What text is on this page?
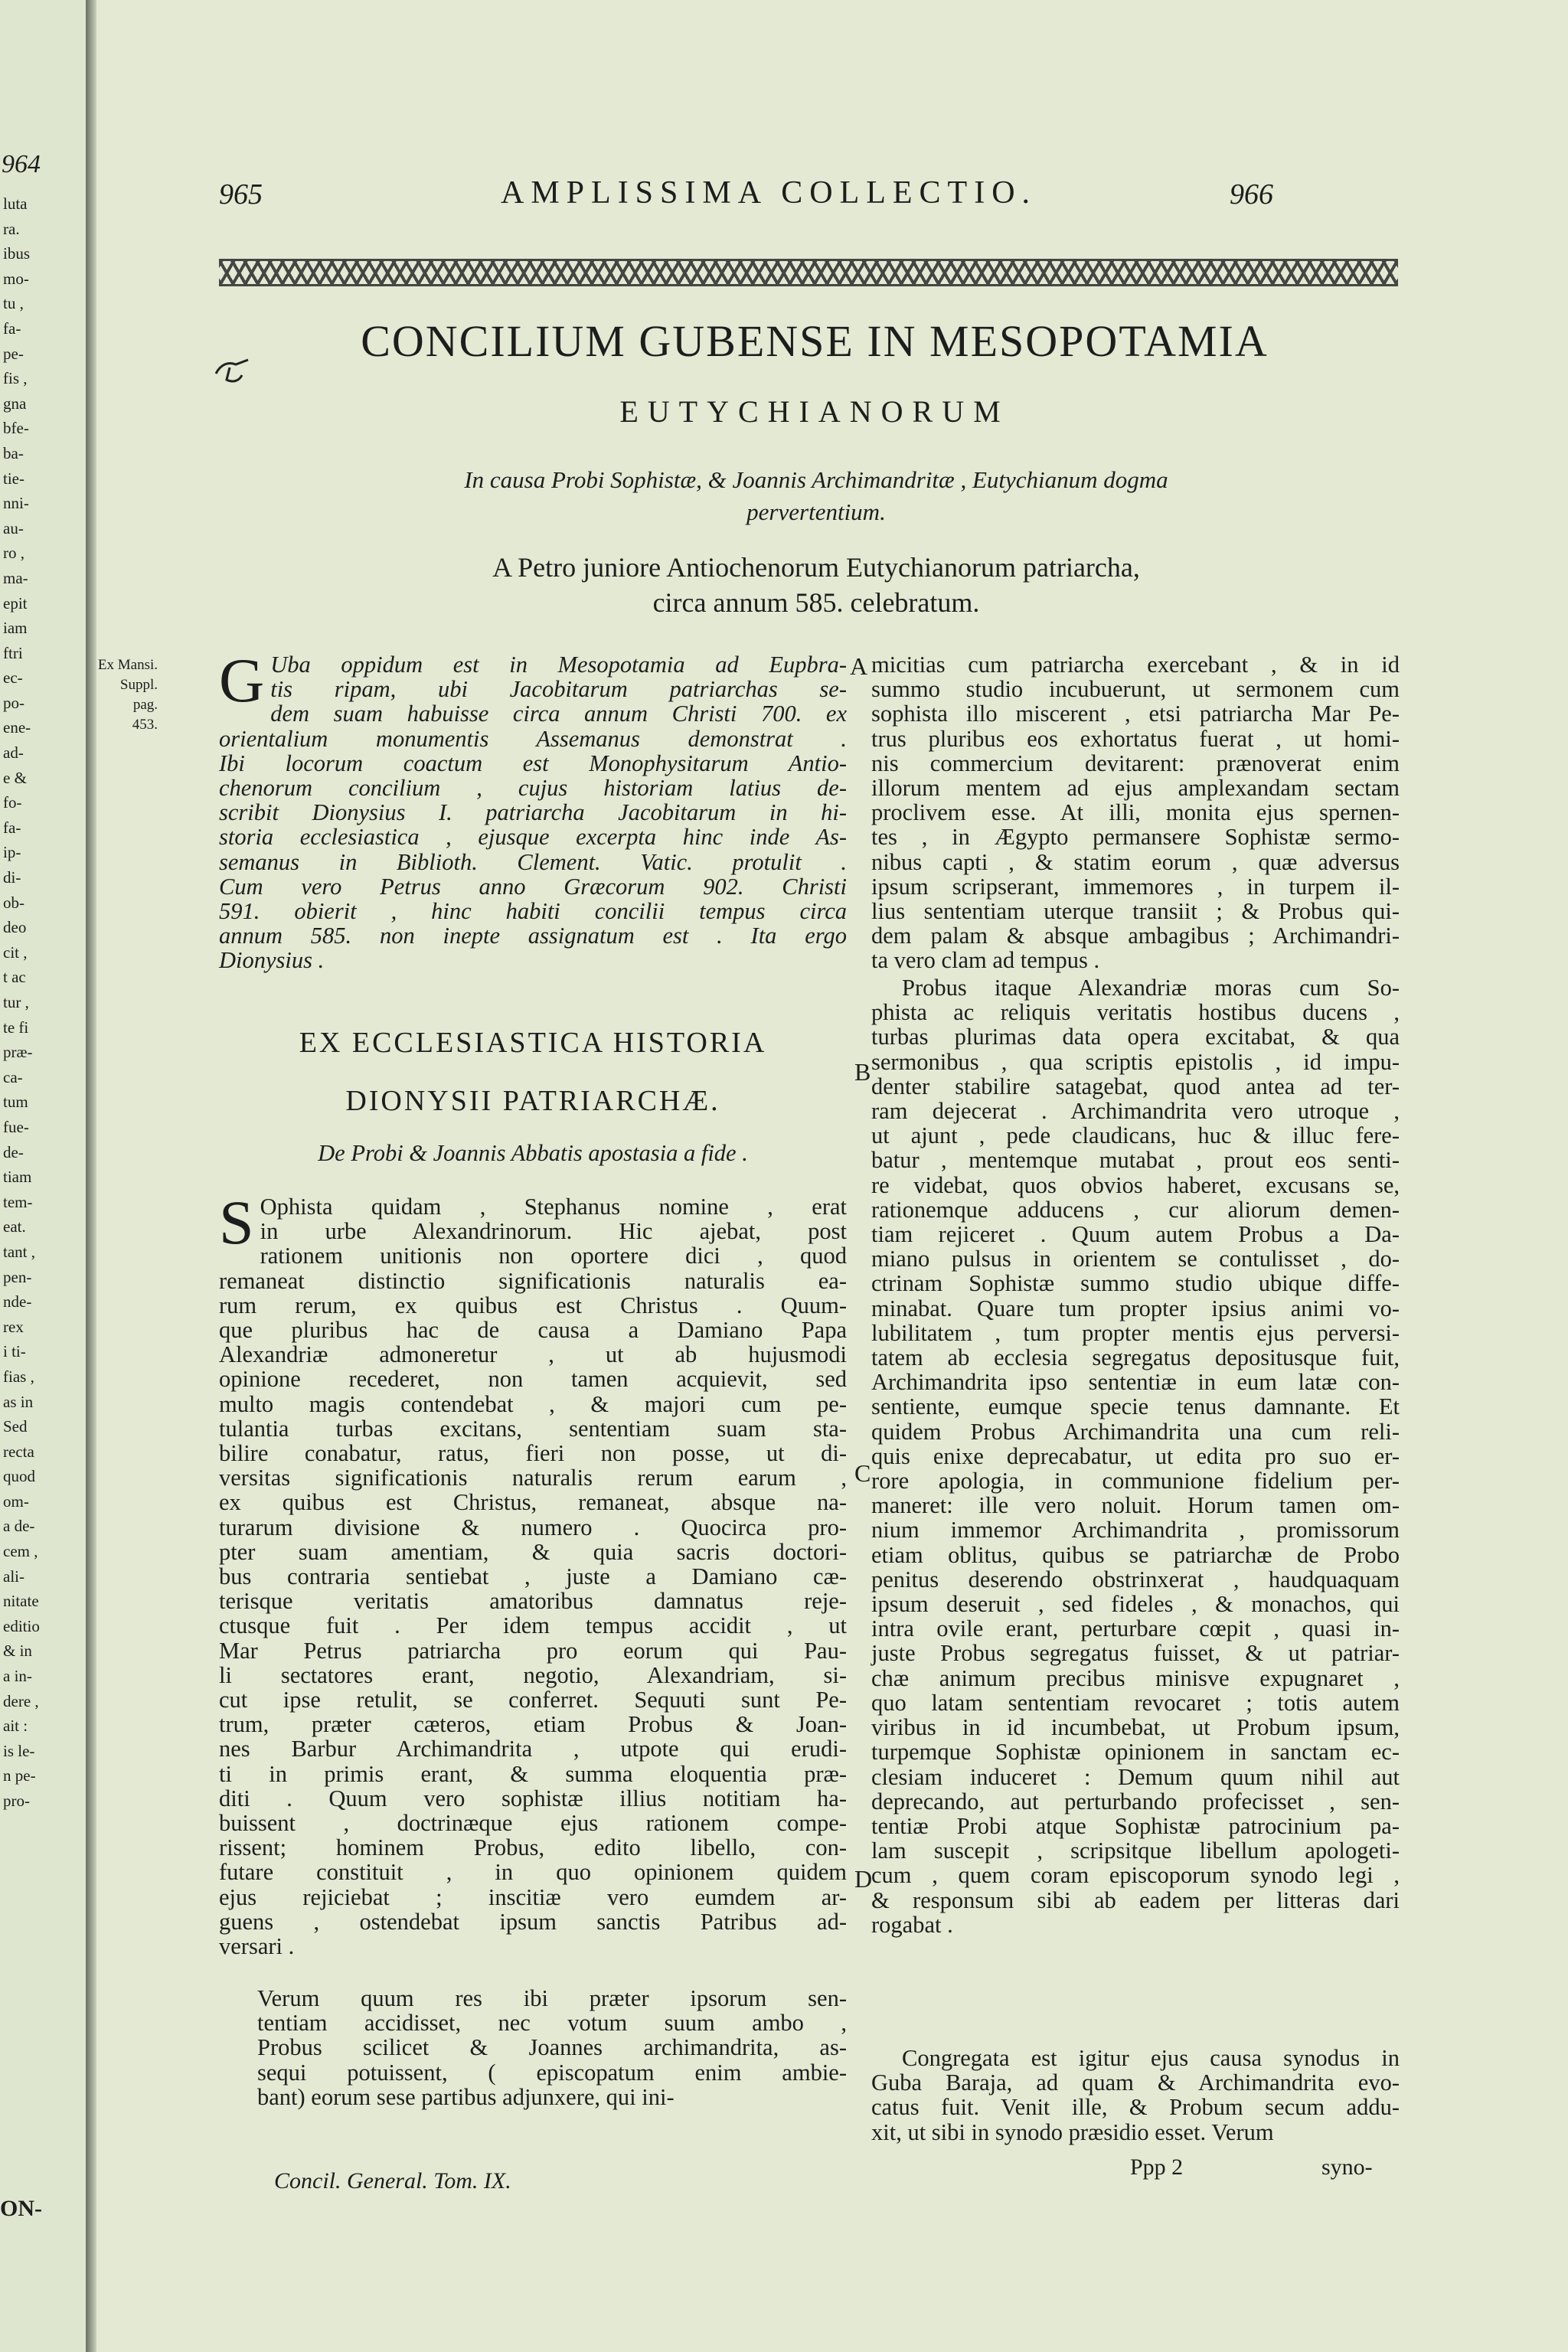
964
luta
ra.
ibus
mo-
tu ,
fa-
pe-
fis ,
gna
bfe-
ba-
tie-
nni-
au-
ro ,
ma-
epit
iam
ftri
ec-
po-
ene-
ad-
e &
fo-
fa-
ip-
di-
ob-
deo
cit ,
t ac
tur ,
te fi
præ-
ca-
tum
fue-
de-
tiam
tem-
eat.
tant ,
pen-
nde-
rex
i ti-
fias ,
as in
Sed
recta
quod
om-
a de-
cem ,
ali-
nitate
editio
& in
a in-
dere ,
ait :
is le-
n pe-
pro-
ON-
965	AMPLISSIMA COLLECTIO.	966
CONCILIUM GUBENSE IN MESOPOTAMIA
EUTYCHIANORUM
In causa Probi Sophistæ, & Joannis Archimandritæ , Eutychianum dogma
pervertentium.
A Petro juniore Antiochenorum Eutychianorum patriarcha,
circa annum 585. celebratum.
Ex Mansi.
Suppl. pag.
453.
G Uba oppidum est in Mesopotamia ad Eupbra-
tis ripam, ubi Jacobitarum patriarchas se-
dem suam habuisse circa annum Christi 700. ex
orientalium monumentis Assemanus demonstrat .
Ibi locorum coactum est Monophysitarum Antio-
chenorum concilium , cujus historiam latius de-
scribit Dionysius I. patriarcha Jacobitarum in hi-
storia ecclesiastica , ejusque excerpta hinc inde As-
semanus in Biblioth. Clement. Vatic. protulit .
Cum vero Petrus anno Græcorum 902. Christi
591. obierit , hinc habiti concilii tempus circa
annum 585. non inepte assignatum est . Ita ergo
Dionysius .
EX ECCLESIASTICA HISTORIA
DIONYSII PATRIARCHÆ.
De Probi & Joannis Abbatis apostasia a fide .
S Ophista quidam , Stephanus nomine , erat
in urbe Alexandrinorum. Hic ajebat, post
rationem unitionis non oportere dici , quod
remaneat distinctio significationis naturalis ea-
rum rerum, ex quibus est Christus . Quum-
que pluribus hac de causa a Damiano Papa
Alexandriæ admoneretur , ut ab hujusmodi
opinione recederet, non tamen acquievit, sed
multo magis contendebat , & majori cum pe-
tulantia turbas excitans, sententiam suam sta-
bilire conabatur, ratus, fieri non posse, ut di-
versitas significationis naturalis rerum earum ,
ex quibus est Christus, remaneat, absque na-
turarum divisione & numero . Quocirca pro-
pter suam amentiam, & quia sacris doctori-
bus contraria sentiebat , juste a Damiano cæ-
terisque veritatis amatoribus damnatus reje-
ctusque fuit . Per idem tempus accidit , ut
Mar Petrus patriarcha pro eorum qui Pau-
li sectatores erant, negotio, Alexandriam, si-
cut ipse retulit, se conferret. Sequuti sunt Pe-
trum, præter cæteros, etiam Probus & Joan-
nes Barbur Archimandrita , utpote qui erudi-
ti in primis erant, & summa eloquentia præ-
diti . Quum vero sophistæ illius notitiam ha-
buissent , doctrinæque ejus rationem compe-
rissent; hominem Probus, edito libello, con-
futare constituit , in quo opinionem quidem
ejus rejiciebat ; inscitiæ vero eumdem ar-
guens , ostendebat ipsum sanctis Patribus ad-
versari .
Verum quum res ibi præter ipsorum sen-
tentiam accidisset, nec votum suum ambo ,
Probus scilicet & Joannes archimandrita, as-
sequi potuissent, ( episcopatum enim ambie-
bant) eorum sese partibus adjunxere, qui ini-
Concil. General. Tom. IX.
A
B
C
D
micitias cum patriarcha exercebant , & in id
summo studio incubuerunt, ut sermonem cum
sophista illo miscerent , etsi patriarcha Mar Pe-
trus pluribus eos exhortatus fuerat , ut homi-
nis commercium devitarent: prænoverat enim
illorum mentem ad ejus amplexandam sectam
proclivem esse. At illi, monita ejus spernen-
tes , in Ægypto permansere Sophistæ sermo-
nibus capti , & statim eorum , quæ adversus
ipsum scripserant, immemores , in turpem il-
lius sententiam uterque transiit ; & Probus qui-
dem palam & absque ambagibus ; Archimandri-
ta vero clam ad tempus .
Probus itaque Alexandriæ moras cum So-
phista ac reliquis veritatis hostibus ducens ,
turbas plurimas data opera excitabat, & qua
sermonibus , qua scriptis epistolis , id impu-
denter stabilire satagebat, quod antea ad ter-
ram dejecerat . Archimandrita vero utroque ,
ut ajunt , pede claudicans, huc & illuc fere-
batur , mentemque mutabat , prout eos senti-
re videbat, quos obvios haberet, excusans se,
rationemque adducens , cur aliorum demen-
tiam rejiceret . Quum autem Probus a Da-
miano pulsus in orientem se contulisset , do-
ctrinam Sophistæ summo studio ubique diffe-
minabat. Quare tum propter ipsius animi vo-
lubilitatem , tum propter mentis ejus perversi-
tatem ab ecclesia segregatus depositusque fuit,
Archimandrita ipso sententiæ in eum latæ con-
sentiente, eumque specie tenus damnante. Et
quidem Probus Archimandrita una cum reli-
quis enixe deprecabatur, ut edita pro suo er-
rore apologia, in communione fidelium per-
maneret: ille vero noluit. Horum tamen om-
nium immemor Archimandrita , promissorum
etiam oblitus, quibus se patriarchæ de Probo
penitus deserendo obstrinxerat , haudquaquam
ipsum deseruit , sed fideles , & monachos, qui
intra ovile erant, perturbare cœpit , quasi in-
juste Probus segregatus fuisset, & ut patriar-
chæ animum precibus minisve expugnaret ,
quo latam sententiam revocaret ; totis autem
viribus in id incumbebat, ut Probum ipsum,
turpemque Sophistæ opinionem in sanctam ec-
clesiam induceret : Demum quum nihil aut
deprecando, aut perturbando profecisset , sen-
tentiæ Probi atque Sophistæ patrocinium pa-
lam suscepit , scripsitque libellum apologeti-
cum , quem coram episcoporum synodo legi ,
& responsum sibi ab eadem per litteras dari
rogabat .
Congregata est igitur ejus causa synodus in
Guba Baraja, ad quam & Archimandrita evo-
catus fuit. Venit ille, & Probum secum addu-
xit, ut sibi in synodo præsidio esset. Verum
Ppp 2	syno-
